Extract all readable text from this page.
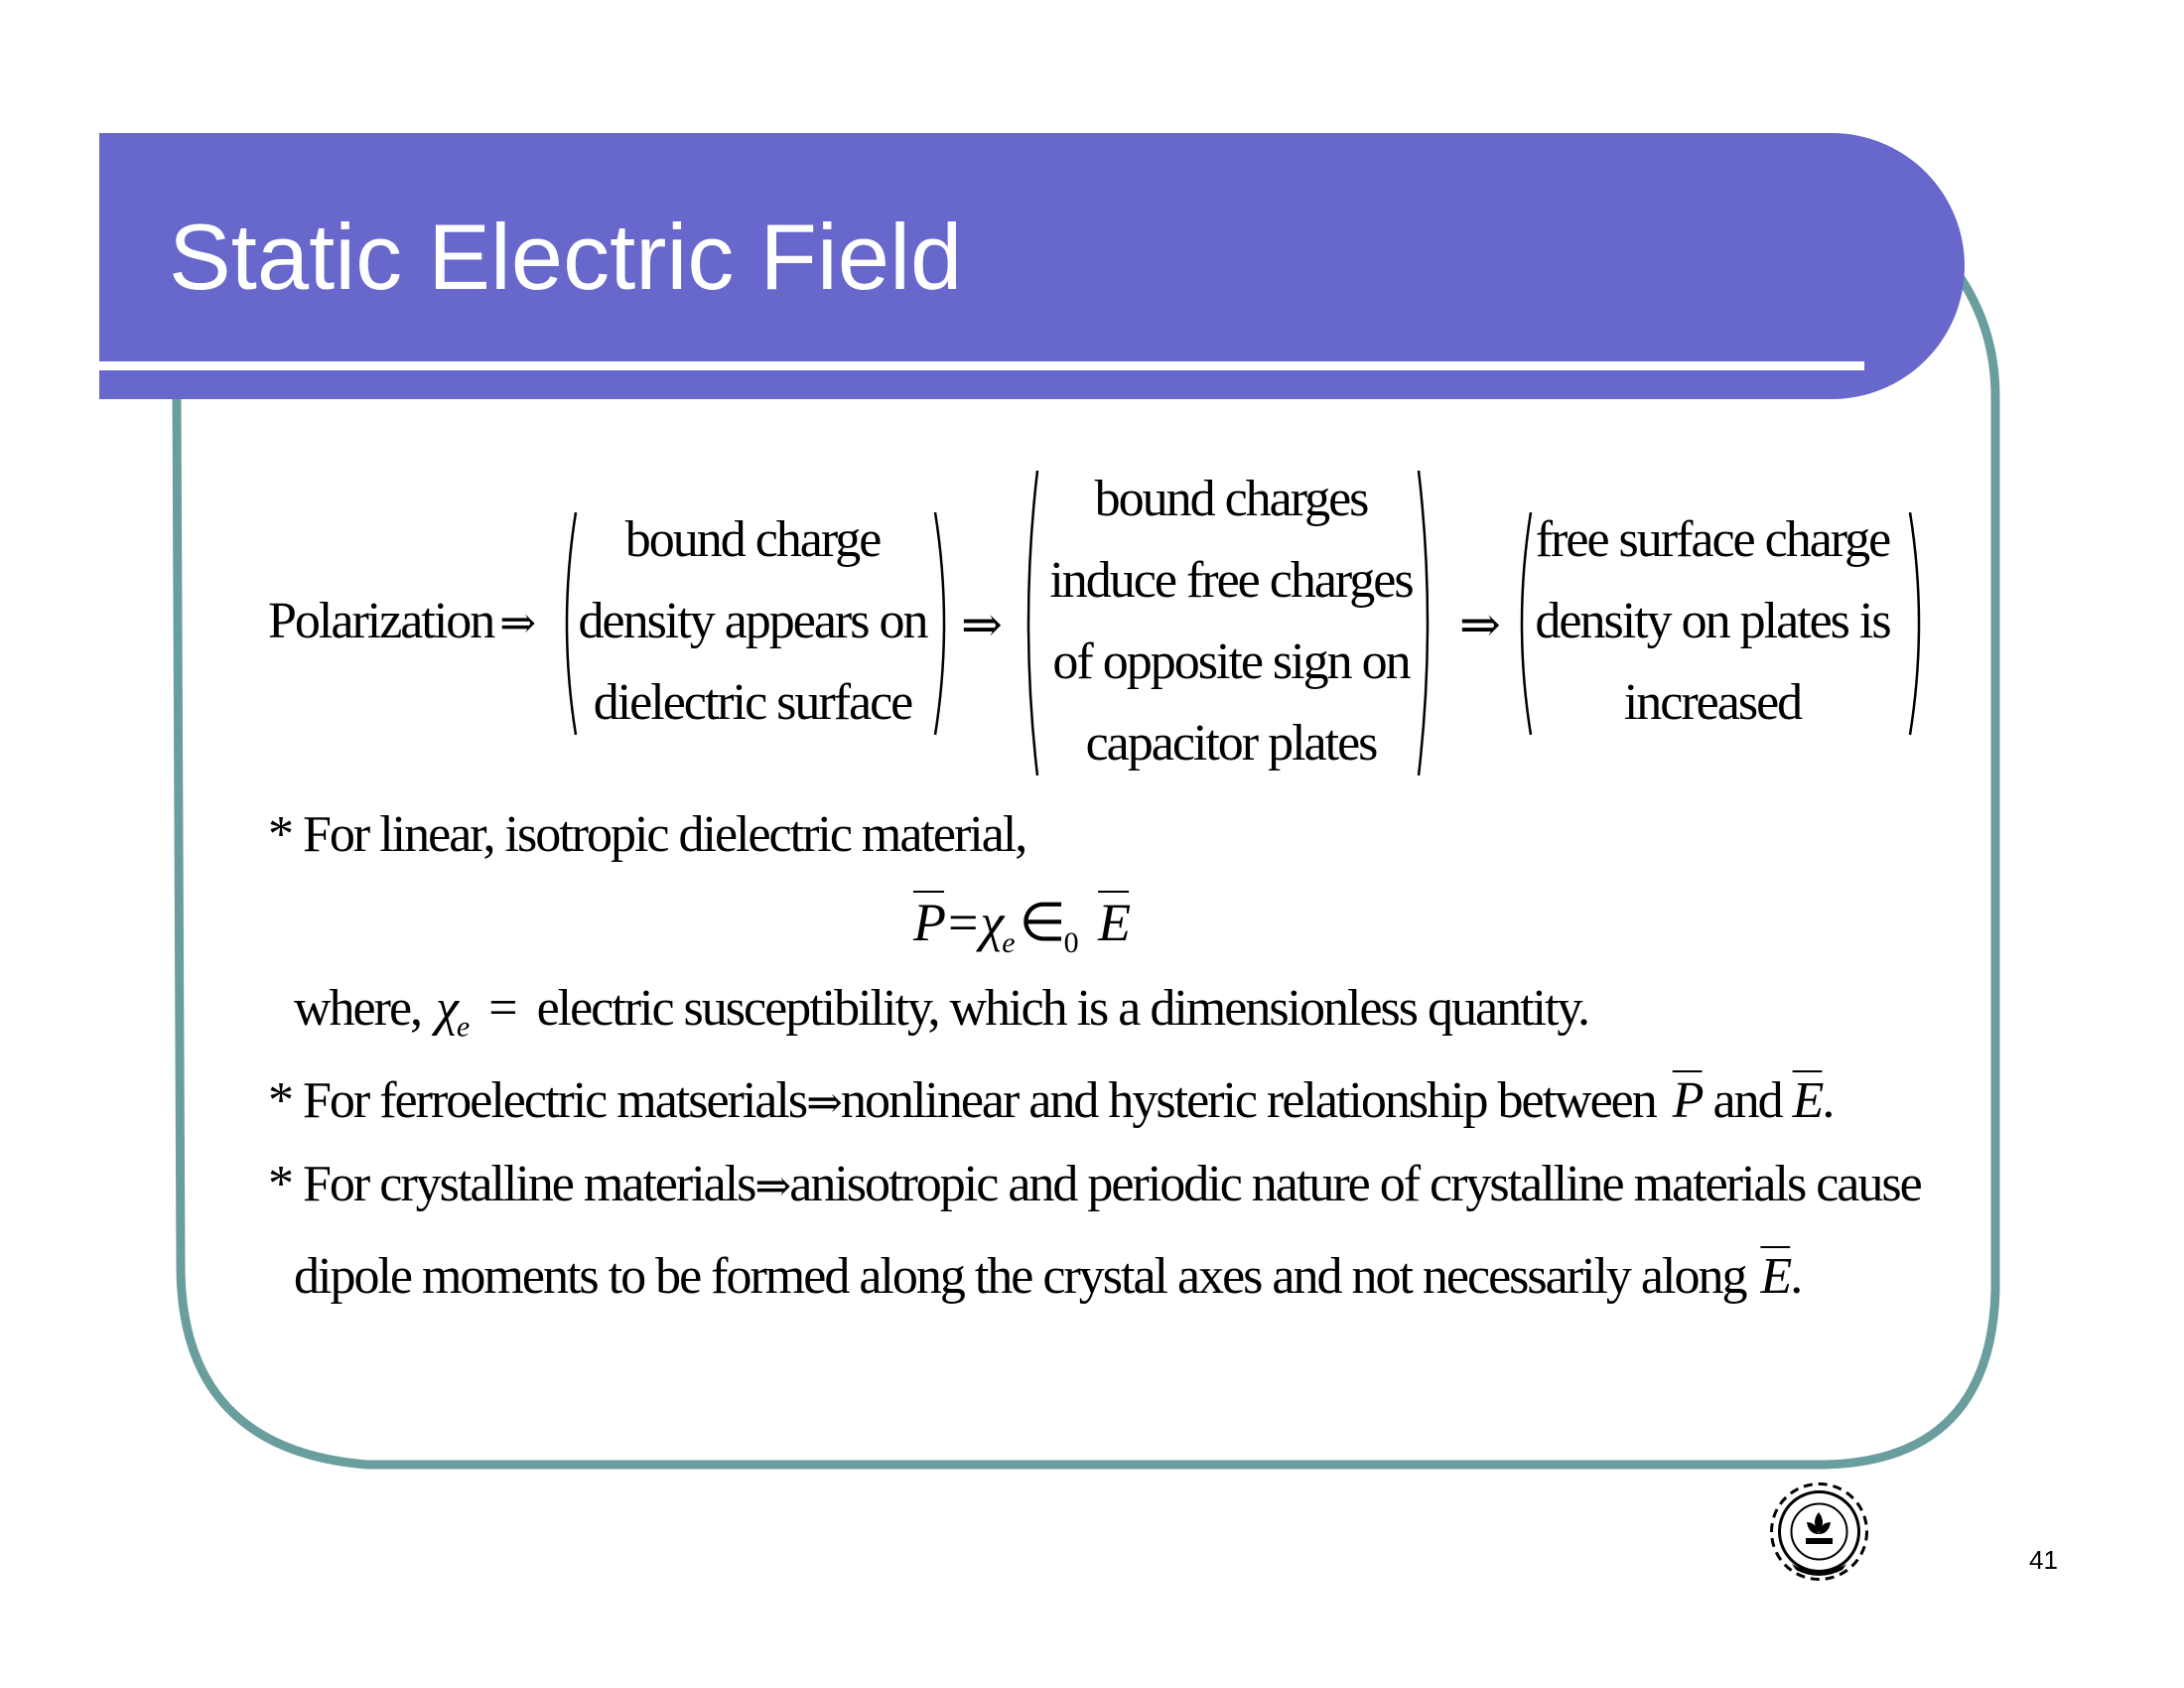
Static Electric Field
Polarization ⇒
bound charge
density appears on
dielectric surface
⇒
bound charges
induce free charges
of opposite sign on
capacitor plates
⇒
free surface charge
density on plates is
increased
* For linear, isotropic dielectric material,
$\overline{P}=\chi_e$ $\in_0$ $\overline{E}$
where, $\chi_e$ = electric susceptibility, which is a dimensionless quantity.
* For ferroelectric matserials⇒nonlinear and hysteric relationship between $\overline{P}$ and $\overline{E}$.
* For crystalline materials⇒anisotropic and periodic nature of crystalline materials cause
dipole moments to be formed along the crystal axes and not necessarily along $\overline{E}$.
41
